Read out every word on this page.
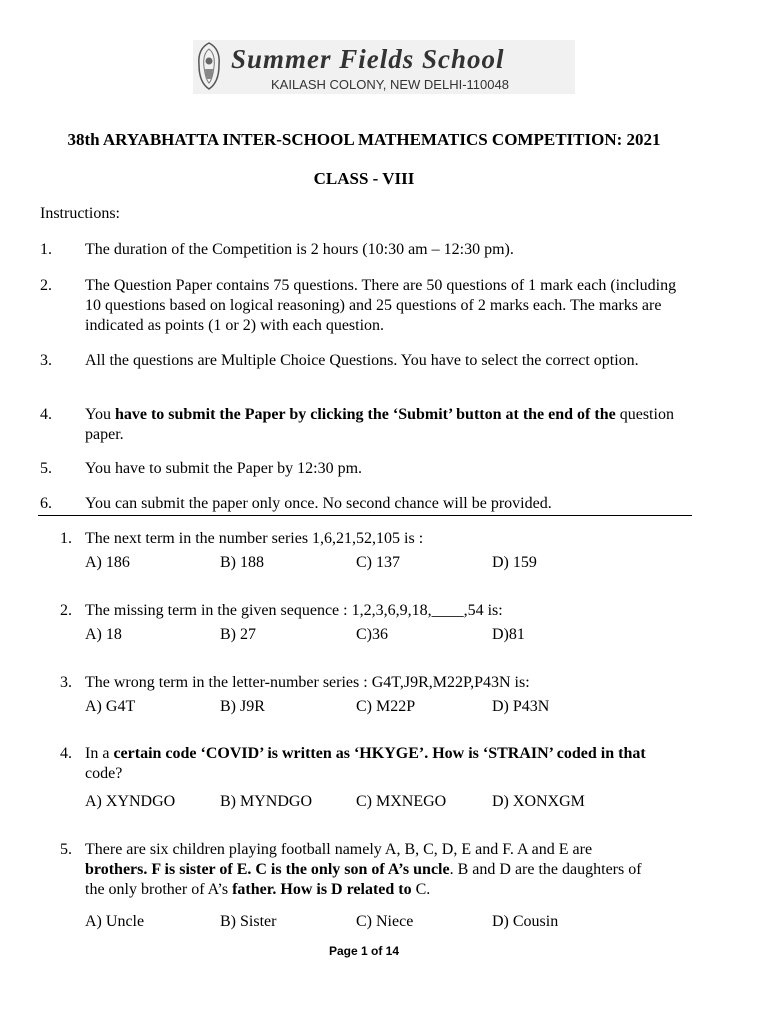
Summer Fields School
KAILASH COLONY, NEW DELHI-110048
38th ARYABHATTA INTER-SCHOOL MATHEMATICS COMPETITION: 2021
CLASS - VIII
Instructions:
1. The duration of the Competition is 2 hours (10:30 am – 12:30 pm).
2. The Question Paper contains 75 questions. There are 50 questions of 1 mark each (including 10 questions based on logical reasoning) and 25 questions of 2 marks each. The marks are indicated as points (1 or 2) with each question.
3. All the questions are Multiple Choice Questions. You have to select the correct option.
4. You have to submit the Paper by clicking the ‘Submit’ button at the end of the question paper.
5. You have to submit the Paper by 12:30 pm.
6. You can submit the paper only once. No second chance will be provided.
1. The next term in the number series 1,6,21,52,105 is :
A) 186	B) 188	C) 137	D) 159
2. The missing term in the given sequence : 1,2,3,6,9,18,____,54 is:
A) 18	B) 27	C)36	D)81
3. The wrong term in the letter-number series : G4T,J9R,M22P,P43N is:
A) G4T	B) J9R	C) M22P	D) P43N
4. In a certain code ‘COVID’ is written as ‘HKYGE’. How is ‘STRAIN’ coded in that
code?
A) XYNDGO	B) MYNDGO	C) MXNEGO	D) XONXGM
5. There are six children playing football namely A, B, C, D, E and F. A and E are
brothers. F is sister of E. C is the only son of A’s uncle. B and D are the daughters of
the only brother of A’s father. How is D related to C.
A) Uncle	B) Sister	C) Niece	D) Cousin
Page 1 of 14
